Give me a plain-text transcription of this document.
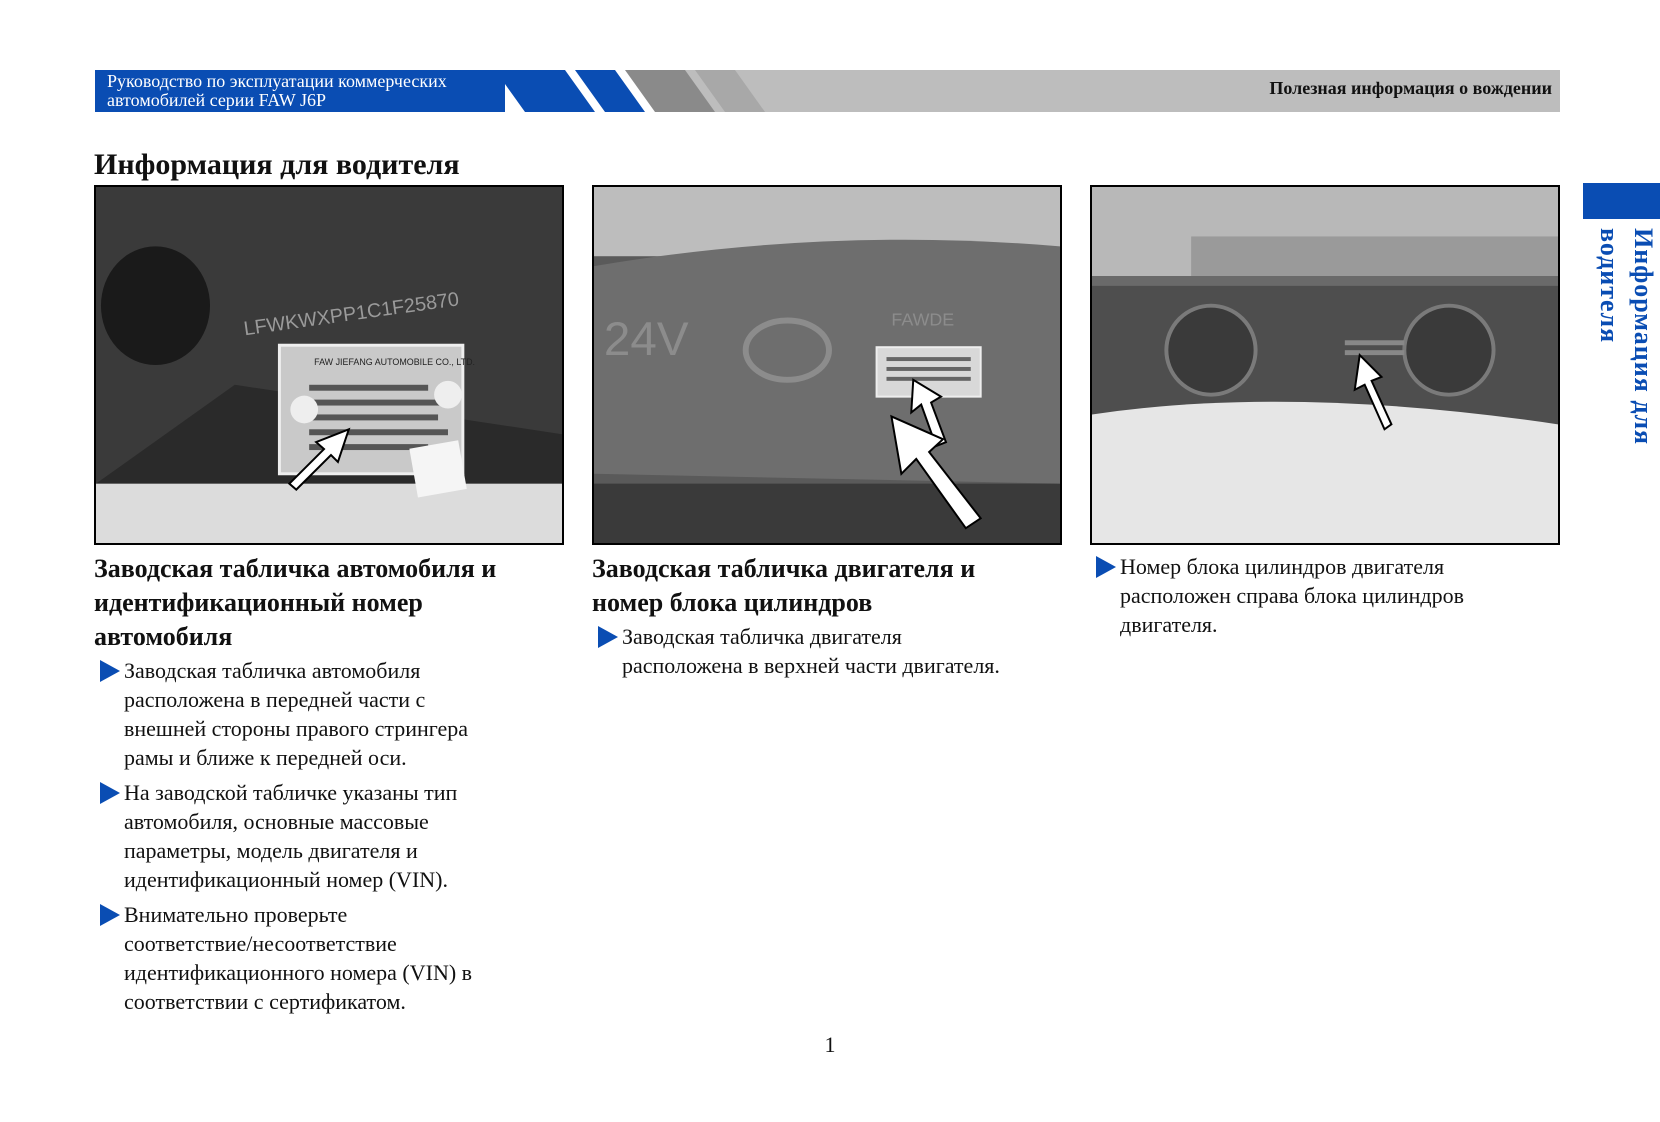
Руководство по эксплуатации коммерческих
автомобилей серии FAW J6P
Полезная информация о вождении
Информация для
водителя
Информация для водителя
LFWKWXPP1C1F25870
FAW JIEFANG AUTOMOBILE CO., LTD.	24V	FAWDE
Заводская табличка автомобиля и
идентификационный номер
автомобиля
Заводская табличка автомобиля
расположена в передней части с
внешней стороны правого стрингера
рамы и ближе к передней оси.
На заводской табличке указаны тип
автомобиля, основные массовые
параметры, модель двигателя и
идентификационный номер (VIN).
Внимательно проверьте
соответствие/несоответствие
идентификационного номера (VIN) в
соответствии с сертификатом.
Заводская табличка двигателя и
номер блока цилиндров
Заводская табличка двигателя
расположена в верхней части двигателя.
Номер блока цилиндров двигателя
расположен справа блока цилиндров
двигателя.
1
